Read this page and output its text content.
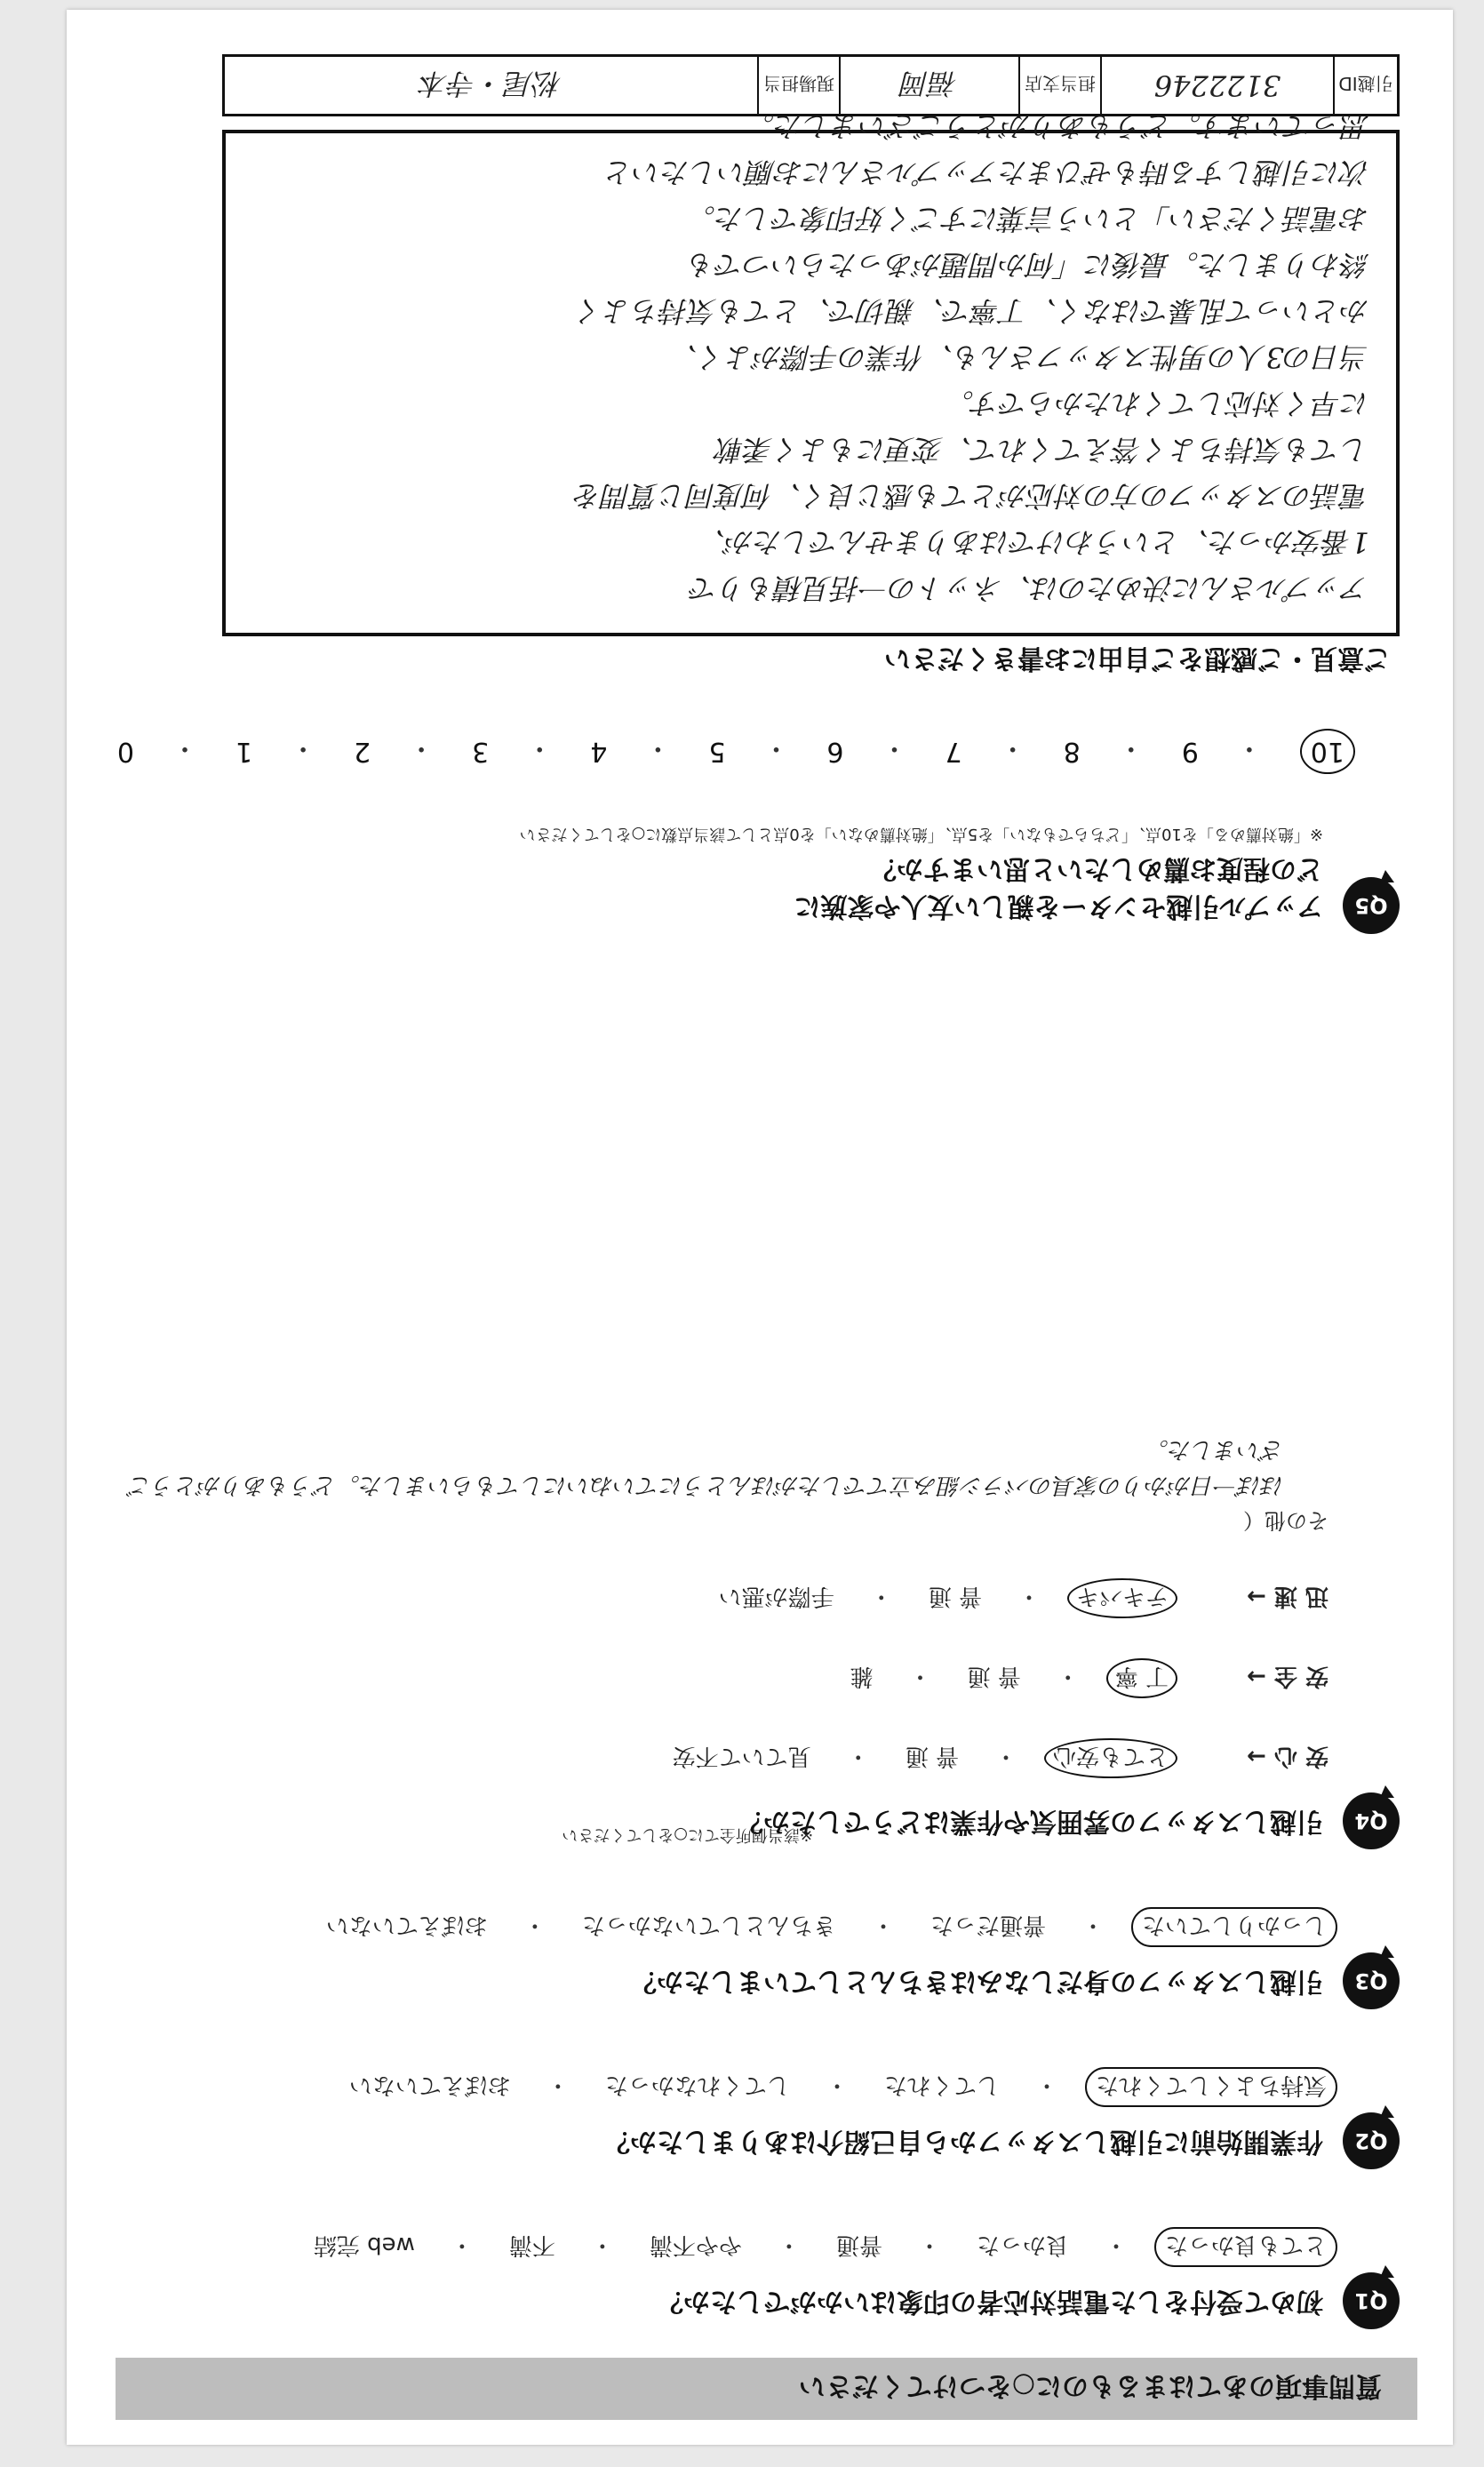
質問事項のあてはまるものに○をつけてください
Q1
初めて受付をした電話対応者の印象はいかがでしたか？
とても良かった
・
良かった
・
普通
・
やや不満
・
不満
・
web 完結
Q2
作業開始前に引越しスタッフから自己紹介はありましたか？
気持ちよくしてくれた
・
してくれた
・
してくれなかった
・
おぼえていない
Q3
引越しスタッフの身だしなみはきちんとしていましたか？
しっかりしていた
・
普通だった
・
きちんとしていなかった
・
おぼえていない
Q4
引越しスタッフの雰囲気や作業はどうでしたか？
※該当個所全てに○をしてください
安 心 →
とても安心
・
普 通
・
見ていて不安
安 全 →
丁 寧
・
普 通
・
雑
迅 速 →
テキパキ
・
普 通
・
手際が悪い
その他（
ほぼ一日がかりの家具のバラシ組み立てでしたがほんとうにていねいにしてもらいました。どうもありがとうございました。
Q5
アップル引越センターを親しい友人や家族に
どの程度お薦めしたいと思いますか？
※「絶対薦める」を10点、「どちらでもない」を5点、「絶対薦めない」を0点として該当点数に○をしてください
10
・
9
・
8
・
7
・
6
・
5
・
4
・
3
・
2
・
1
・
0
ご意見・ご感想をご自由にお書きください
アップルさんに決めたのは、ネットの一括見積もりで
1番安かった、というわけではありませんでしたが、
電話のスタッフの方の対応がとても感じ良く、何度同じ質問を
しても気持ちよく答えてくれて、変更にもよく柔軟
に早く対応してくれたからです。
当日の3人の男性スタッフさんも、作業の手際がよく、
かといって乱暴ではなく、丁寧で、親切で、とても気持ちよく
終わりました。最後に「何か問題があったらいつでも
お電話ください」という言葉にすごく好印象でした。
次に引越しする時もぜひまたアップルさんにお願いしたいと
思っています。どうもありがとうございました。
引越ID
3122246
担当支店
福岡
現場担当
松尾・寺本
